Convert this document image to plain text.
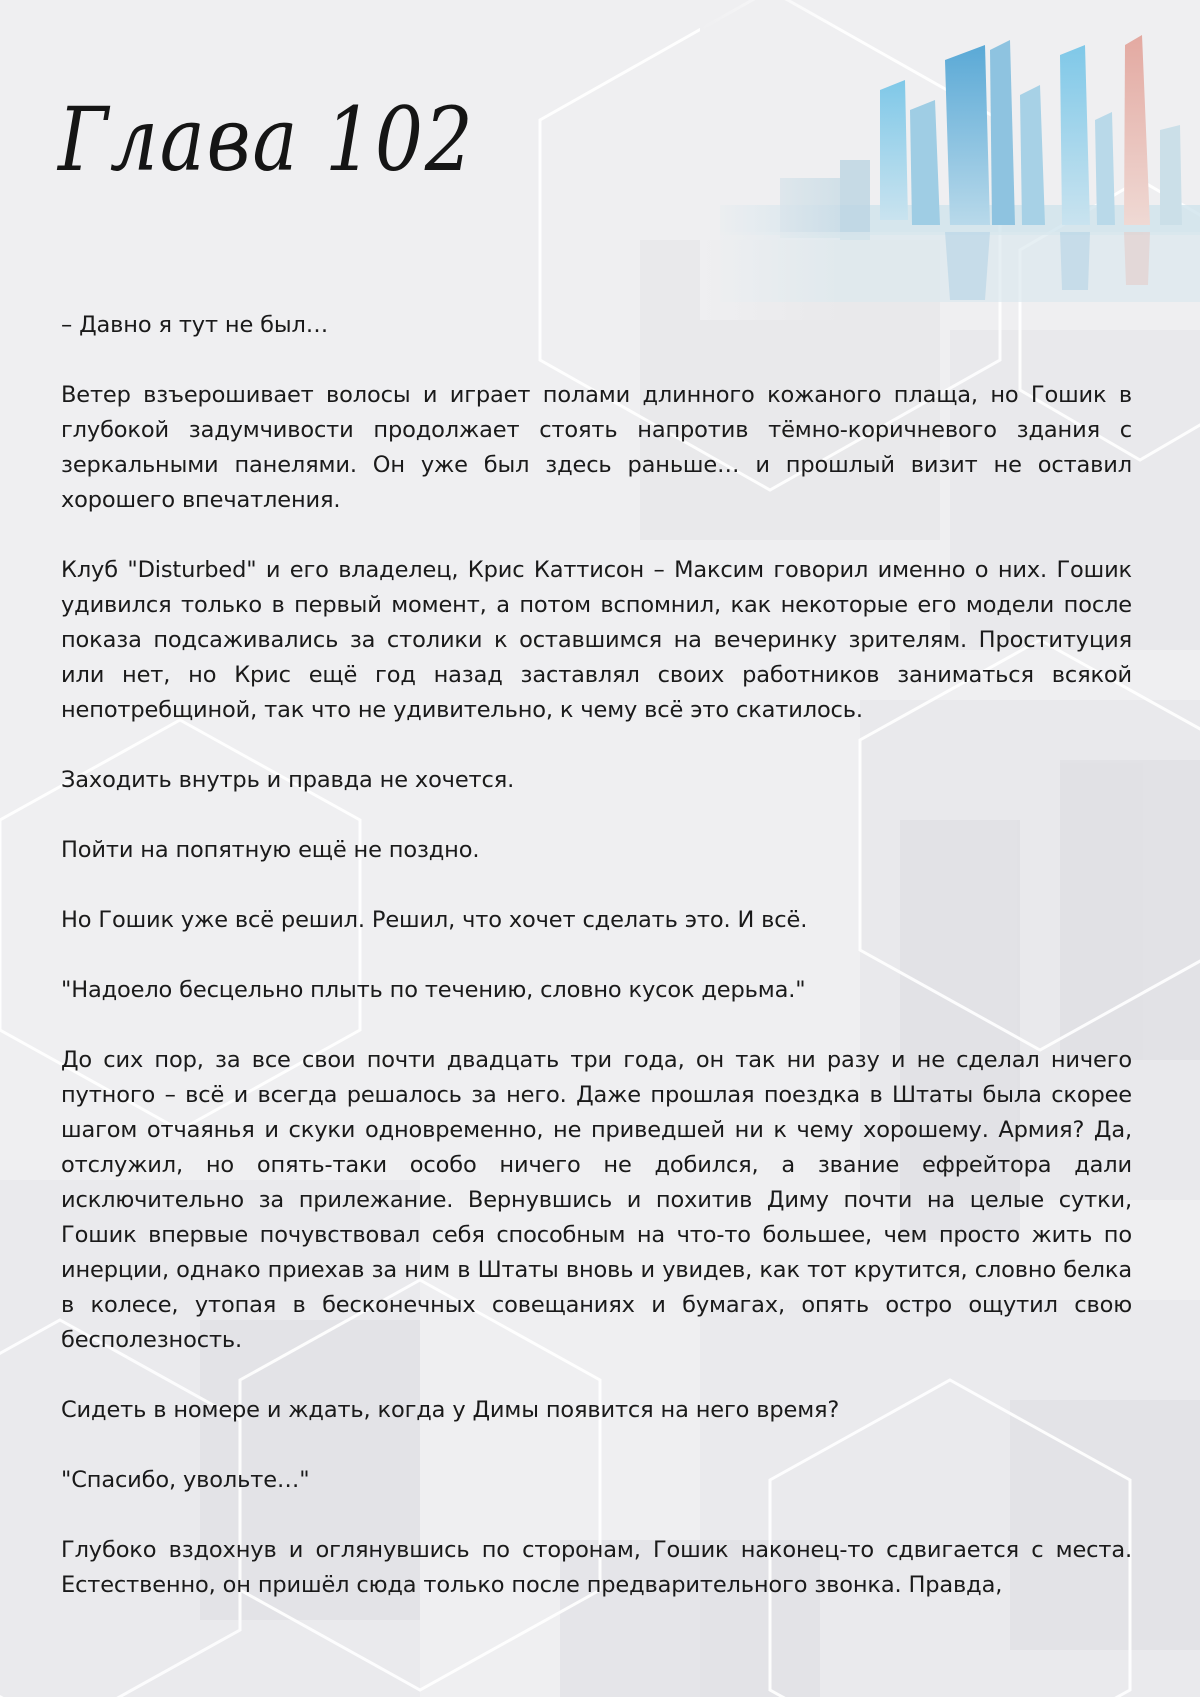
Глава 102

– Давно я тут не был…

Ветер взъерошивает волосы и играет полами длинного кожаного плаща, но Гошик в глубокой задумчивости продолжает стоять напротив тёмно-коричневого здания с зеркальными панелями. Он уже был здесь раньше… и прошлый визит не оставил хорошего впечатления.

Клуб "Disturbed" и его владелец, Крис Каттисон – Максим говорил именно о них. Гошик удивился только в первый момент, а потом вспомнил, как некоторые его модели после показа подсаживались за столики к оставшимся на вечеринку зрителям. Проституция или нет, но Крис ещё год назад заставлял своих работников заниматься всякой непотребщиной, так что не удивительно, к чему всё это скатилось.

Заходить внутрь и правда не хочется.

Пойти на попятную ещё не поздно.

Но Гошик уже всё решил. Решил, что хочет сделать это. И всё.

"Надоело бесцельно плыть по течению, словно кусок дерьма."

До сих пор, за все свои почти двадцать три года, он так ни разу и не сделал ничего путного – всё и всегда решалось за него. Даже прошлая поездка в Штаты была скорее шагом отчаянья и скуки одновременно, не приведшей ни к чему хорошему. Армия? Да, отслужил, но опять-таки особо ничего не добился, а звание ефрейтора дали исключительно за прилежание. Вернувшись и похитив Диму почти на целые сутки, Гошик впервые почувствовал себя способным на что-то большее, чем просто жить по инерции, однако приехав за ним в Штаты вновь и увидев, как тот крутится, словно белка в колесе, утопая в бесконечных совещаниях и бумагах, опять остро ощутил свою бесполезность.

Сидеть в номере и ждать, когда у Димы появится на него время?

"Спасибо, увольте…"

Глубоко вздохнув и оглянувшись по сторонам, Гошик наконец-то сдвигается с места. Естественно, он пришёл сюда только после предварительного звонка. Правда,
